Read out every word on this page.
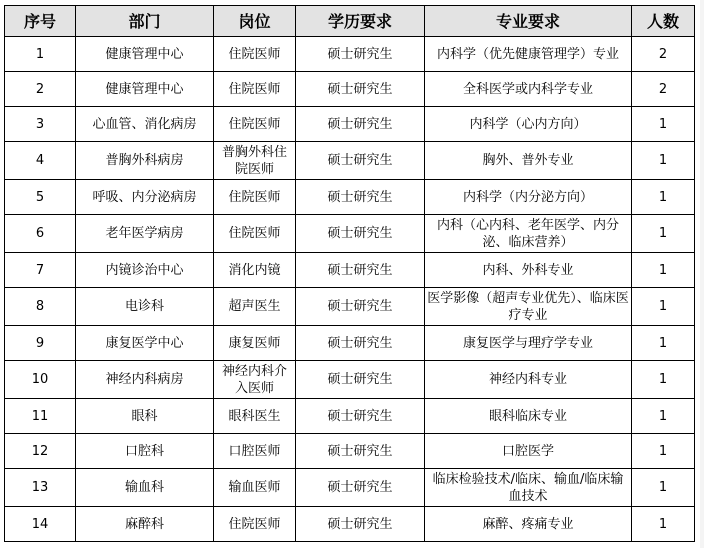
序号	部门	岗位	学历要求	专业要求	人数
1	健康管理中心	住院医师	硕士研究生	内科学（优先健康管理学）专业	2
2	健康管理中心	住院医师	硕士研究生	全科医学或内科学专业	2
3	心血管、消化病房	住院医师	硕士研究生	内科学（心内方向）	1
4	普胸外科病房	普胸外科住院医师	硕士研究生	胸外、普外专业	1
5	呼吸、内分泌病房	住院医师	硕士研究生	内科学（内分泌方向）	1
6	老年医学病房	住院医师	硕士研究生	内科（心内科、老年医学、内分泌、临床营养）	1
7	内镜诊治中心	消化内镜	硕士研究生	内科、外科专业	1
8	电诊科	超声医生	硕士研究生	医学影像（超声专业优先）、临床医疗专业	1
9	康复医学中心	康复医师	硕士研究生	康复医学与理疗学专业	1
10	神经内科病房	神经内科介入医师	硕士研究生	神经内科专业	1
11	眼科	眼科医生	硕士研究生	眼科临床专业	1
12	口腔科	口腔医师	硕士研究生	口腔医学	1
13	输血科	输血医师	硕士研究生	临床检验技术/临床、输血/临床输血技术	1
14	麻醉科	住院医师	硕士研究生	麻醉、疼痛专业	1
